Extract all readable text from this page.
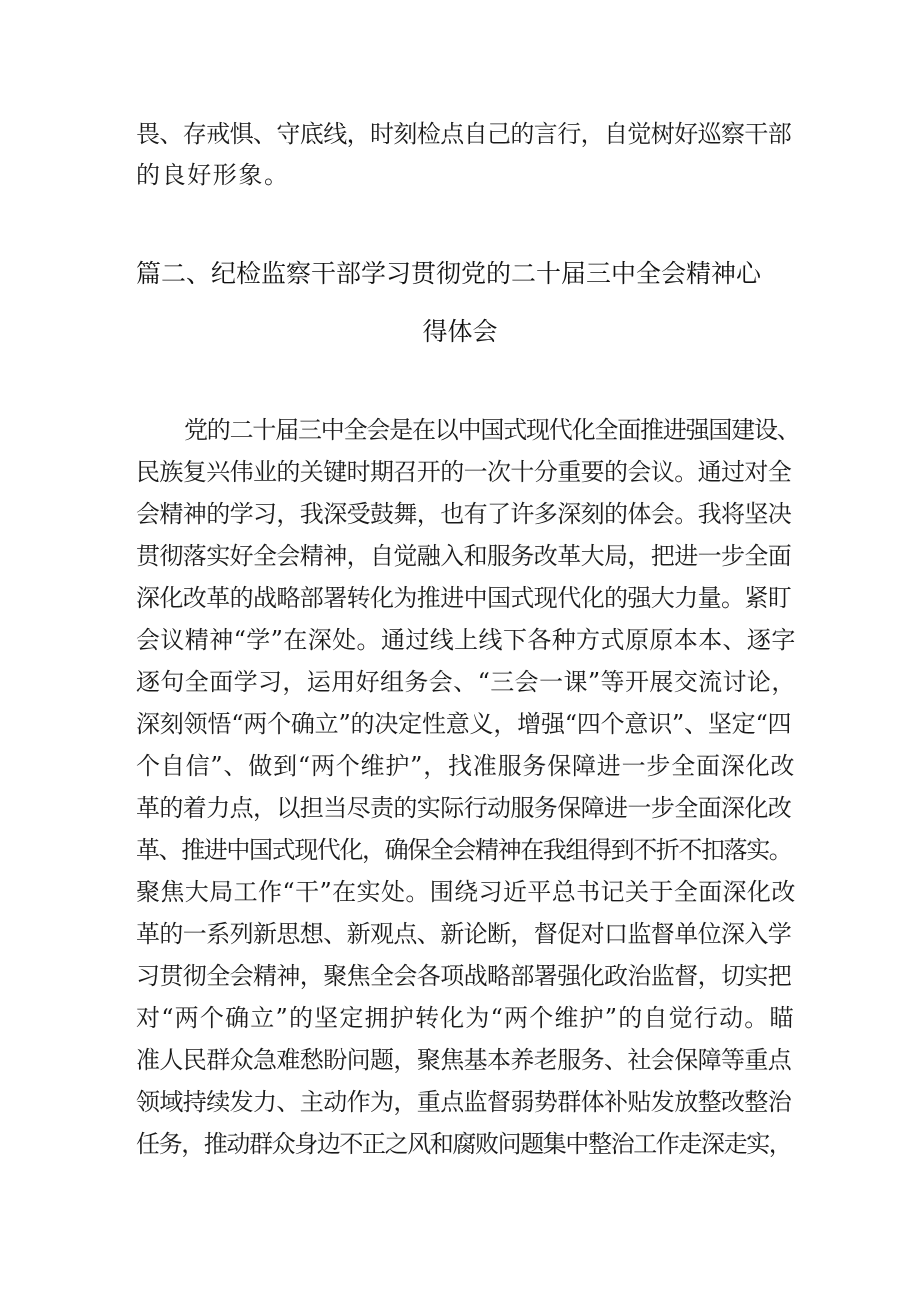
畏、存戒惧、守底线，时刻检点自己的言行，自觉树好巡察干部
的良好形象。
篇二、纪检监察干部学习贯彻党的二十届三中全会精神心
得体会
党的二十届三中全会是在以中国式现代化全面推进强国建设、
民族复兴伟业的关键时期召开的一次十分重要的会议。通过对全
会精神的学习，我深受鼓舞，也有了许多深刻的体会。我将坚决
贯彻落实好全会精神，自觉融入和服务改革大局，把进一步全面
深化改革的战略部署转化为推进中国式现代化的强大力量。紧盯
会议精神“学”在深处。通过线上线下各种方式原原本本、逐字
逐句全面学习，运用好组务会、“三会一课”等开展交流讨论，
深刻领悟“两个确立”的决定性意义，增强“四个意识”、坚定“四
个自信”、做到“两个维护”，找准服务保障进一步全面深化改
革的着力点，以担当尽责的实际行动服务保障进一步全面深化改
革、推进中国式现代化，确保全会精神在我组得到不折不扣落实。
聚焦大局工作“干”在实处。围绕习近平总书记关于全面深化改
革的一系列新思想、新观点、新论断，督促对口监督单位深入学
习贯彻全会精神，聚焦全会各项战略部署强化政治监督，切实把
对“两个确立”的坚定拥护转化为“两个维护”的自觉行动。瞄
准人民群众急难愁盼问题，聚焦基本养老服务、社会保障等重点
领域持续发力、主动作为，重点监督弱势群体补贴发放整改整治
任务，推动群众身边不正之风和腐败问题集中整治工作走深走实，
